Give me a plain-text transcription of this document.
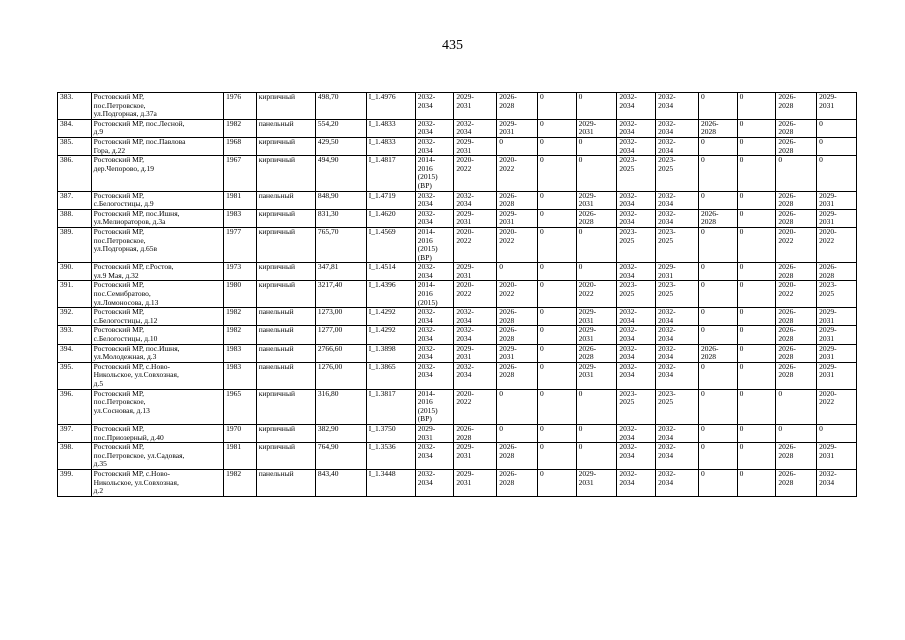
435
383.	Ростовский МР,
пос.Петровское,
ул.Подгорная, д.37а	1976	кирпичный	498,70	I_1.4976	2032-
2034	2029-
2031	2026-
2028	0	0	2032-
2034	2032-
2034	0	0	2026-
2028	2029-
2031
384.	Ростовский МР, пос.Лесной,
д.9	1982	панельный	554,20	I_1.4833	2032-
2034	2032-
2034	2029-
2031	0	2029-
2031	2032-
2034	2032-
2034	2026-
2028	0	2026-
2028	0
385.	Ростовский МР, пос.Павлова
Гора, д.22	1968	кирпичный	429,50	I_1.4833	2032-
2034	2029-
2031	0	0	0	2032-
2034	2032-
2034	0	0	2026-
2028	0
386.	Ростовский МР,
дер.Чепорово, д.19	1967	кирпичный	494,90	I_1.4817	2014-
2016
(2015)
(ВР)	2020-
2022	2020-
2022	0	0	2023-
2025	2023-
2025	0	0	0	0
387.	Ростовский МР,
с.Белогостицы, д.9	1981	панельный	848,90	I_1.4719	2032-
2034	2032-
2034	2026-
2028	0	2029-
2031	2032-
2034	2032-
2034	0	0	2026-
2028	2029-
2031
388.	Ростовский МР, пос.Ишня,
ул.Мелиораторов, д.3а	1983	кирпичный	831,30	I_1.4620	2032-
2034	2029-
2031	2029-
2031	0	2026-
2028	2032-
2034	2032-
2034	2026-
2028	0	2026-
2028	2029-
2031
389.	Ростовский МР,
пос.Петровское,
ул.Подгорная, д.65в	1977	кирпичный	765,70	I_1.4569	2014-
2016
(2015)
(ВР)	2020-
2022	2020-
2022	0	0	2023-
2025	2023-
2025	0	0	2020-
2022	2020-
2022
390.	Ростовский МР, г.Ростов,
ул.9 Мая, д.32	1973	кирпичный	347,81	I_1.4514	2032-
2034	2029-
2031	0	0	0	2032-
2034	2029-
2031	0	0	2026-
2028	2026-
2028
391.	Ростовский МР,
пос.Семибратово,
ул.Ломоносова, д.13	1980	кирпичный	3217,40	I_1.4396	2014-
2016
(2015)	2020-
2022	2020-
2022	0	2020-
2022	2023-
2025	2023-
2025	0	0	2020-
2022	2023-
2025
392.	Ростовский МР,
с.Белогостицы, д.12	1982	панельный	1273,00	I_1.4292	2032-
2034	2032-
2034	2026-
2028	0	2029-
2031	2032-
2034	2032-
2034	0	0	2026-
2028	2029-
2031
393.	Ростовский МР,
с.Белогостицы, д.10	1982	панельный	1277,00	I_1.4292	2032-
2034	2032-
2034	2026-
2028	0	2029-
2031	2032-
2034	2032-
2034	0	0	2026-
2028	2029-
2031
394.	Ростовский МР, пос.Ишня,
ул.Молодежная, д.3	1983	панельный	2766,60	I_1.3898	2032-
2034	2029-
2031	2029-
2031	0	2026-
2028	2032-
2034	2032-
2034	2026-
2028	0	2026-
2028	2029-
2031
395.	Ростовский МР, с.Ново-
Никольское, ул.Совхозная,
д.5	1983	панельный	1276,00	I_1.3865	2032-
2034	2032-
2034	2026-
2028	0	2029-
2031	2032-
2034	2032-
2034	0	0	2026-
2028	2029-
2031
396.	Ростовский МР,
пос.Петровское,
ул.Сосновая, д.13	1965	кирпичный	316,80	I_1.3817	2014-
2016
(2015)
(ВР)	2020-
2022	0	0	0	2023-
2025	2023-
2025	0	0	0	2020-
2022
397.	Ростовский МР,
пос.Приозерный, д.40	1970	кирпичный	382,90	I_1.3750	2029-
2031	2026-
2028	0	0	0	2032-
2034	2032-
2034	0	0	0	0
398.	Ростовский МР,
пос.Петровское, ул.Садовая,
д.35	1981	кирпичный	764,90	I_1.3536	2032-
2034	2029-
2031	2026-
2028	0	0	2032-
2034	2032-
2034	0	0	2026-
2028	2029-
2031
399.	Ростовский МР, с.Ново-
Никольское, ул.Совхозная,
д.2	1982	панельный	843,40	I_1.3448	2032-
2034	2029-
2031	2026-
2028	0	2029-
2031	2032-
2034	2032-
2034	0	0	2026-
2028	2032-
2034
